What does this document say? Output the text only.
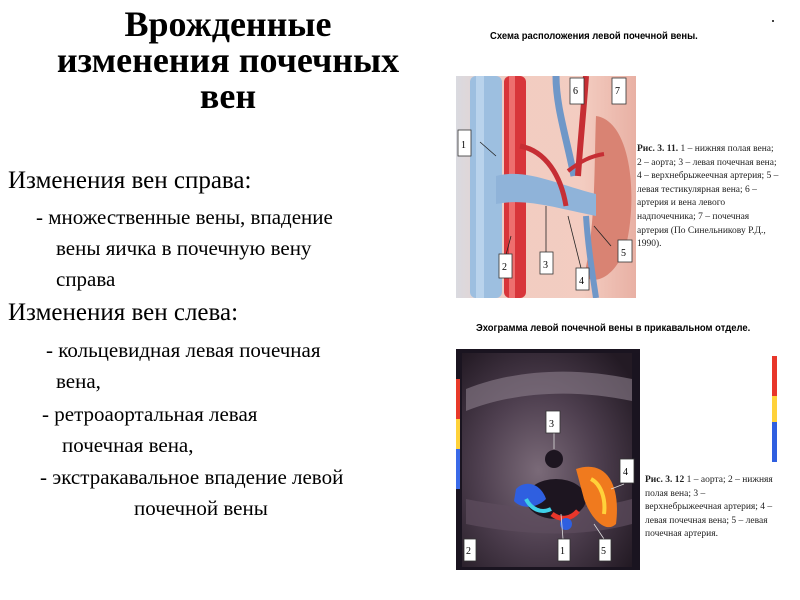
Врожденные
изменения почечных
вен
Изменения вен справа:
- множественные вены, впадение
вены яичка в почечную вену
справа
Изменения вен слева:
- кольцевидная левая почечная
вена,
- ретроаортальная левая
почечная вена,
- экстракавальное впадение левой
почечной вены
Схема расположения левой почечной вены.
1
2	3
4
5
6	7
Рис. 3. 11. 1 – нижняя полая вена; 2 – аорта; 3 – левая почечная вена; 4 – верхнебрыжеечная артерия; 5 – левая тестикулярная вена; 6 – артерия и вена левого надпочечника; 7 – почечная артерия (По Синельникову Р.Д., 1990).
Эхограмма левой почечной вены в прикавальном отделе.
1
2
3
4
5
Рис. 3. 12 1 – аорта; 2 – нижняя полая вена; 3 – верхнебрыжеечная артерия; 4 – левая почечная вена; 5 – левая почечная артерия.
